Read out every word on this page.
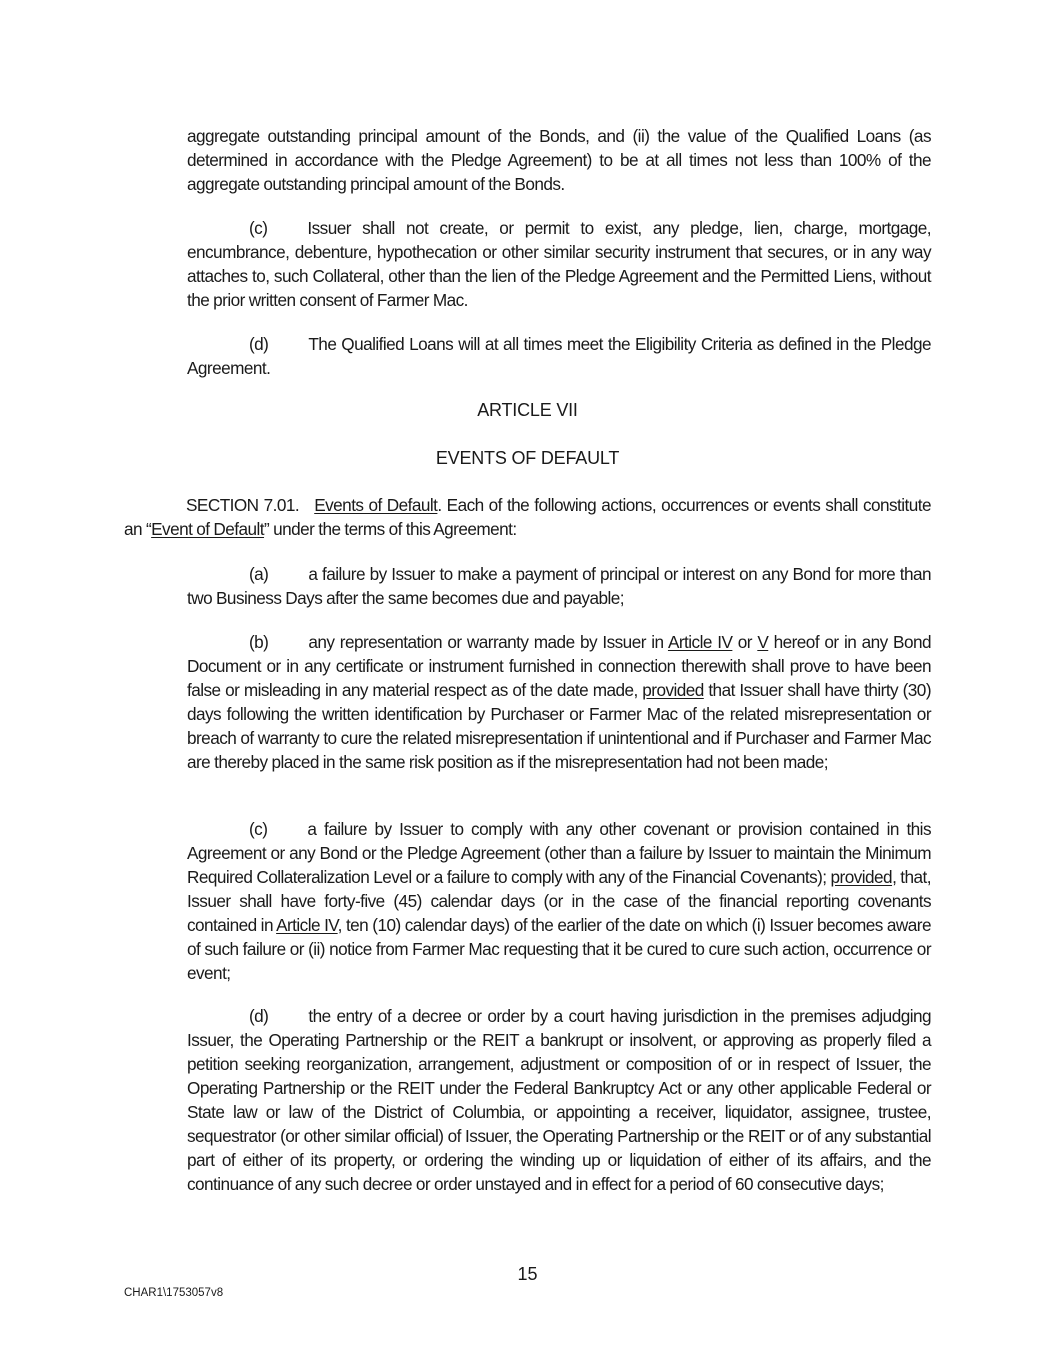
aggregate outstanding principal amount of the Bonds, and (ii) the value of the Qualified Loans (as determined in accordance with the Pledge Agreement) to be at all times not less than 100% of the aggregate outstanding principal amount of the Bonds.

(c) Issuer shall not create, or permit to exist, any pledge, lien, charge, mortgage, encumbrance, debenture, hypothecation or other similar security instrument that secures, or in any way attaches to, such Collateral, other than the lien of the Pledge Agreement and the Permitted Liens, without the prior written consent of Farmer Mac.

(d) The Qualified Loans will at all times meet the Eligibility Criteria as defined in the Pledge Agreement.

ARTICLE VII
EVENTS OF DEFAULT

SECTION 7.01. Events of Default. Each of the following actions, occurrences or events shall constitute an “Event of Default” under the terms of this Agreement:

(a) a failure by Issuer to make a payment of principal or interest on any Bond for more than two Business Days after the same becomes due and payable;

(b) any representation or warranty made by Issuer in Article IV or V hereof or in any Bond Document or in any certificate or instrument furnished in connection therewith shall prove to have been false or misleading in any material respect as of the date made, provided that Issuer shall have thirty (30) days following the written identification by Purchaser or Farmer Mac of the related misrepresentation or breach of warranty to cure the related misrepresentation if unintentional and if Purchaser and Farmer Mac are thereby placed in the same risk position as if the misrepresentation had not been made;

(c) a failure by Issuer to comply with any other covenant or provision contained in this Agreement or any Bond or the Pledge Agreement (other than a failure by Issuer to maintain the Minimum Required Collateralization Level or a failure to comply with any of the Financial Covenants); provided, that, Issuer shall have forty-five (45) calendar days (or in the case of the financial reporting covenants contained in Article IV, ten (10) calendar days) of the earlier of the date on which (i) Issuer becomes aware of such failure or (ii) notice from Farmer Mac requesting that it be cured to cure such action, occurrence or event;

(d) the entry of a decree or order by a court having jurisdiction in the premises adjudging Issuer, the Operating Partnership or the REIT a bankrupt or insolvent, or approving as properly filed a petition seeking reorganization, arrangement, adjustment or composition of or in respect of Issuer, the Operating Partnership or the REIT under the Federal Bankruptcy Act or any other applicable Federal or State law or law of the District of Columbia, or appointing a receiver, liquidator, assignee, trustee, sequestrator (or other similar official) of Issuer, the Operating Partnership or the REIT or of any substantial part of either of its property, or ordering the winding up or liquidation of either of its affairs, and the continuance of any such decree or order unstayed and in effect for a period of 60 consecutive days;

15
CHAR1\1753057v8
